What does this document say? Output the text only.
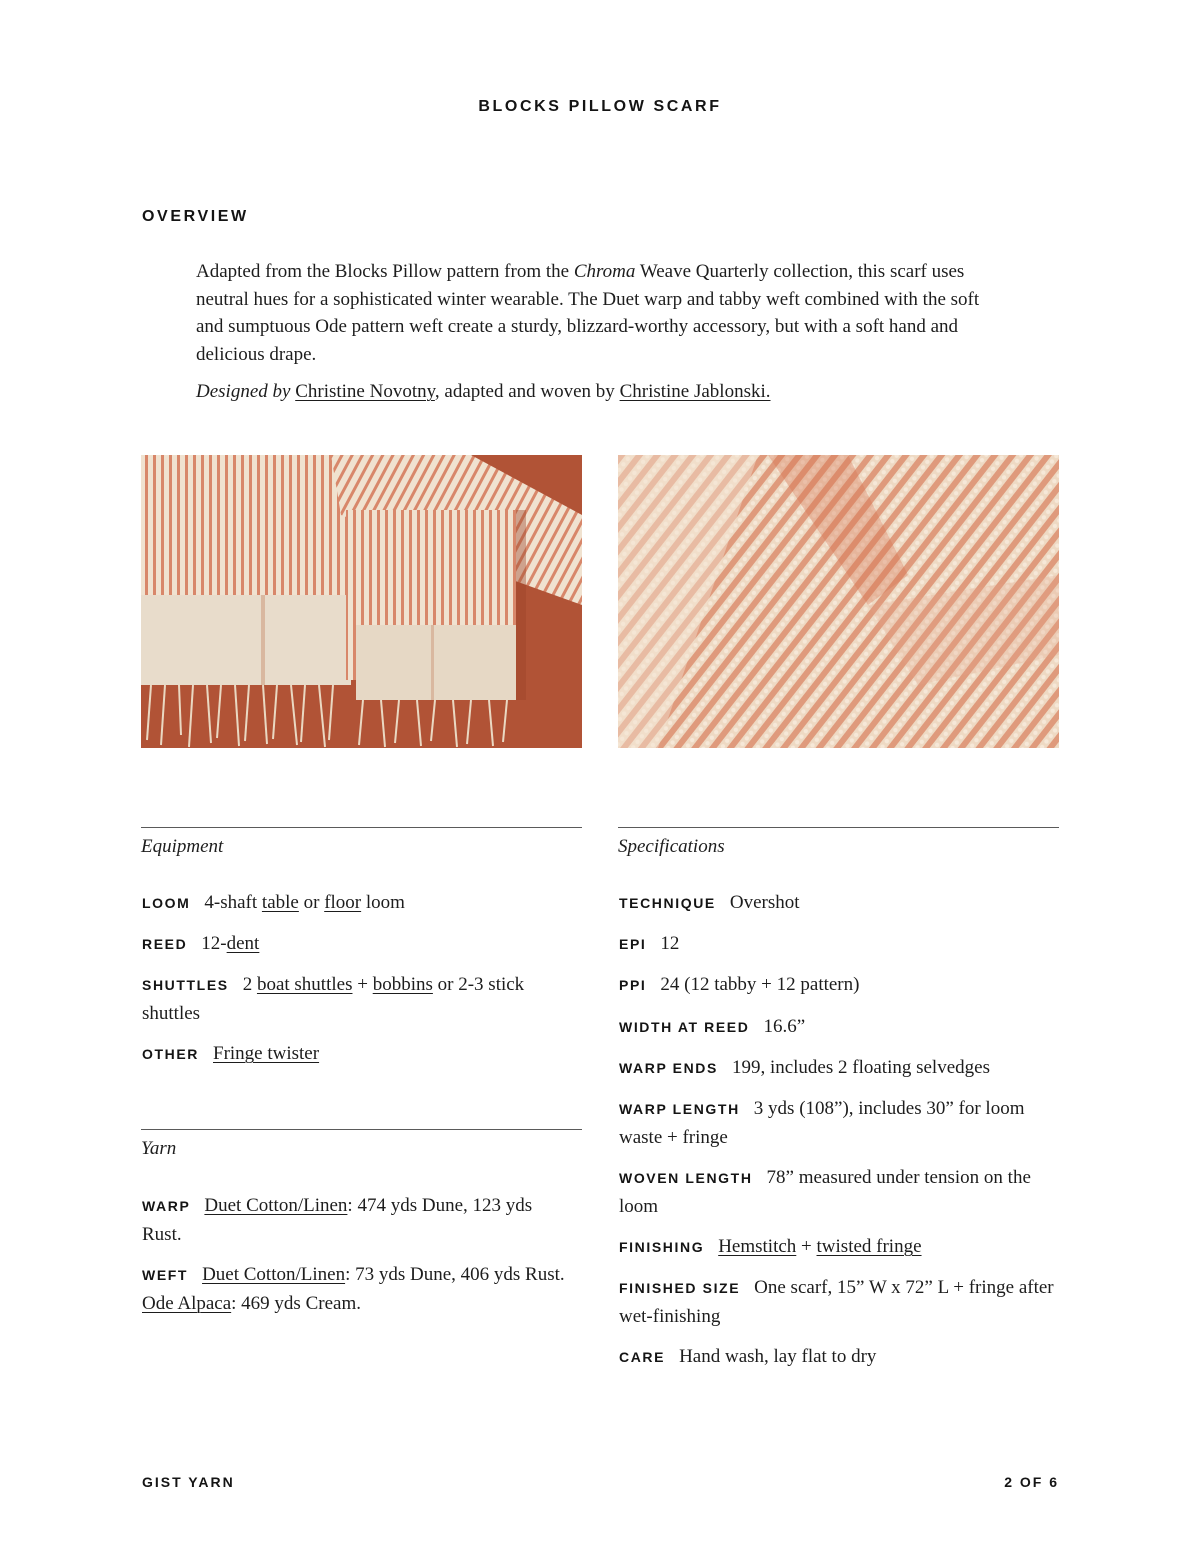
BLOCKS PILLOW SCARF
OVERVIEW

Adapted from the Blocks Pillow pattern from the Chroma Weave Quarterly collection, this scarf uses neutral hues for a sophisticated winter wearable. The Duet warp and tabby weft combined with the soft and sumptuous Ode pattern weft create a sturdy, blizzard-worthy accessory, but with a soft hand and delicious drape.

Designed by Christine Novotny, adapted and woven by Christine Jablonski.
Equipment
LOOM 4-shaft table or floor loom
REED 12-dent
SHUTTLES 2 boat shuttles + bobbins or 2-3 stick shuttles
OTHER Fringe twister
Yarn
WARP Duet Cotton/Linen: 474 yds Dune, 123 yds Rust.
WEFT Duet Cotton/Linen: 73 yds Dune, 406 yds Rust. Ode Alpaca: 469 yds Cream.
Specifications
TECHNIQUE Overshot
EPI 12
PPI 24 (12 tabby + 12 pattern)
WIDTH AT REED 16.6”
WARP ENDS 199, includes 2 floating selvedges
WARP LENGTH 3 yds (108”), includes 30” for loom waste + fringe
WOVEN LENGTH 78” measured under tension on the loom
FINISHING Hemstitch + twisted fringe
FINISHED SIZE One scarf, 15” W x 72” L + fringe after wet-finishing
CARE Hand wash, lay flat to dry
GIST YARN	2 OF 6
